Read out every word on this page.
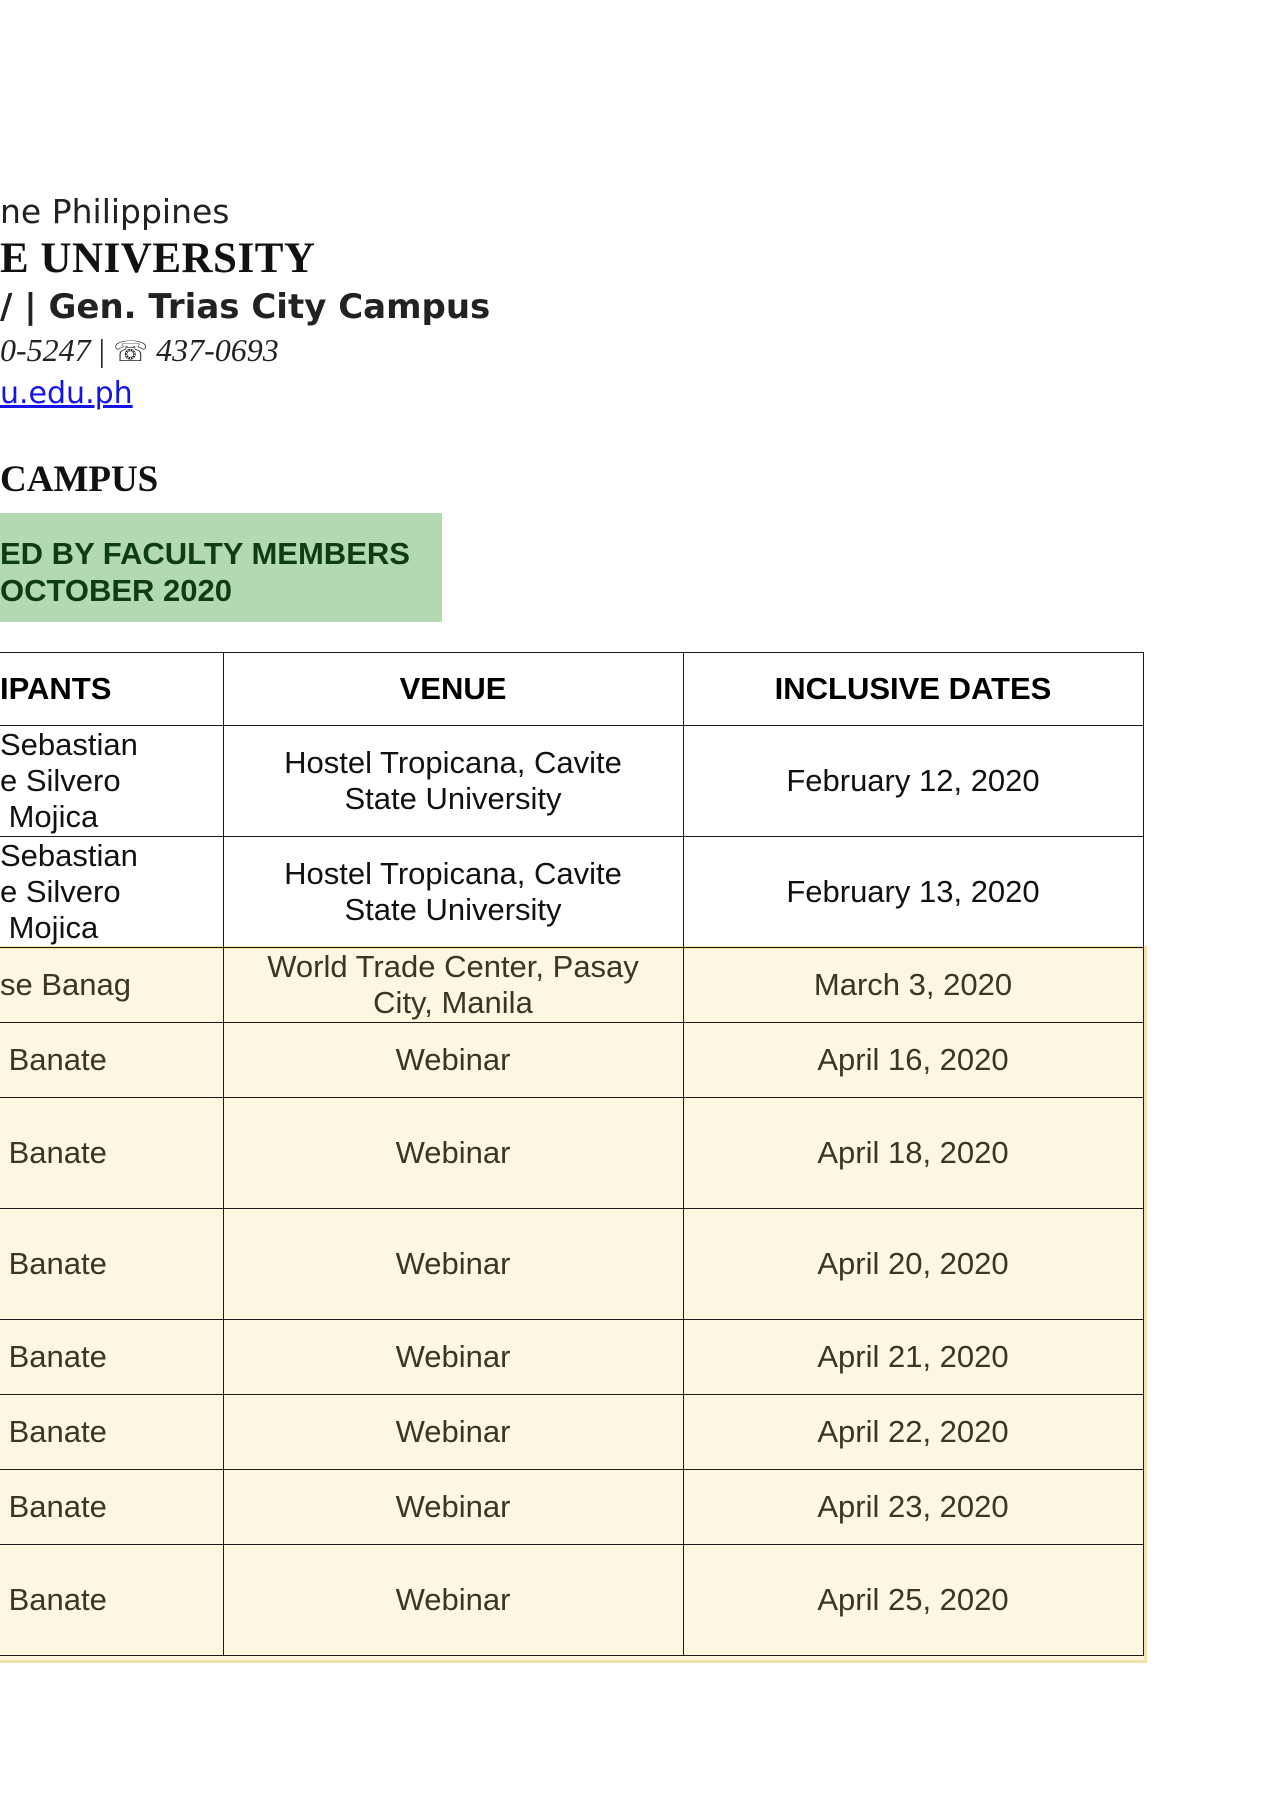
ne Philippines
E UNIVERSITY
/ | Gen. Trias City Campus
0-5247 | ☏ 437-0693
u.edu.ph
CAMPUS
ED BY FACULTY MEMBERS
OCTOBER 2020
IPANTS	VENUE	INCLUSIVE DATES

Sebastian
e Silvero
Mojica	Hostel Tropicana, Cavite
State University	February 12, 2020

Sebastian
e Silvero
Mojica	Hostel Tropicana, Cavite
State University	February 13, 2020
se Banag	World Trade Center, Pasay
City, Manila	March 3, 2020
Banate	Webinar	April 16, 2020
Banate	Webinar	April 18, 2020
Banate	Webinar	April 20, 2020
Banate	Webinar	April 21, 2020
Banate	Webinar	April 22, 2020
Banate	Webinar	April 23, 2020
Banate	Webinar	April 25, 2020
